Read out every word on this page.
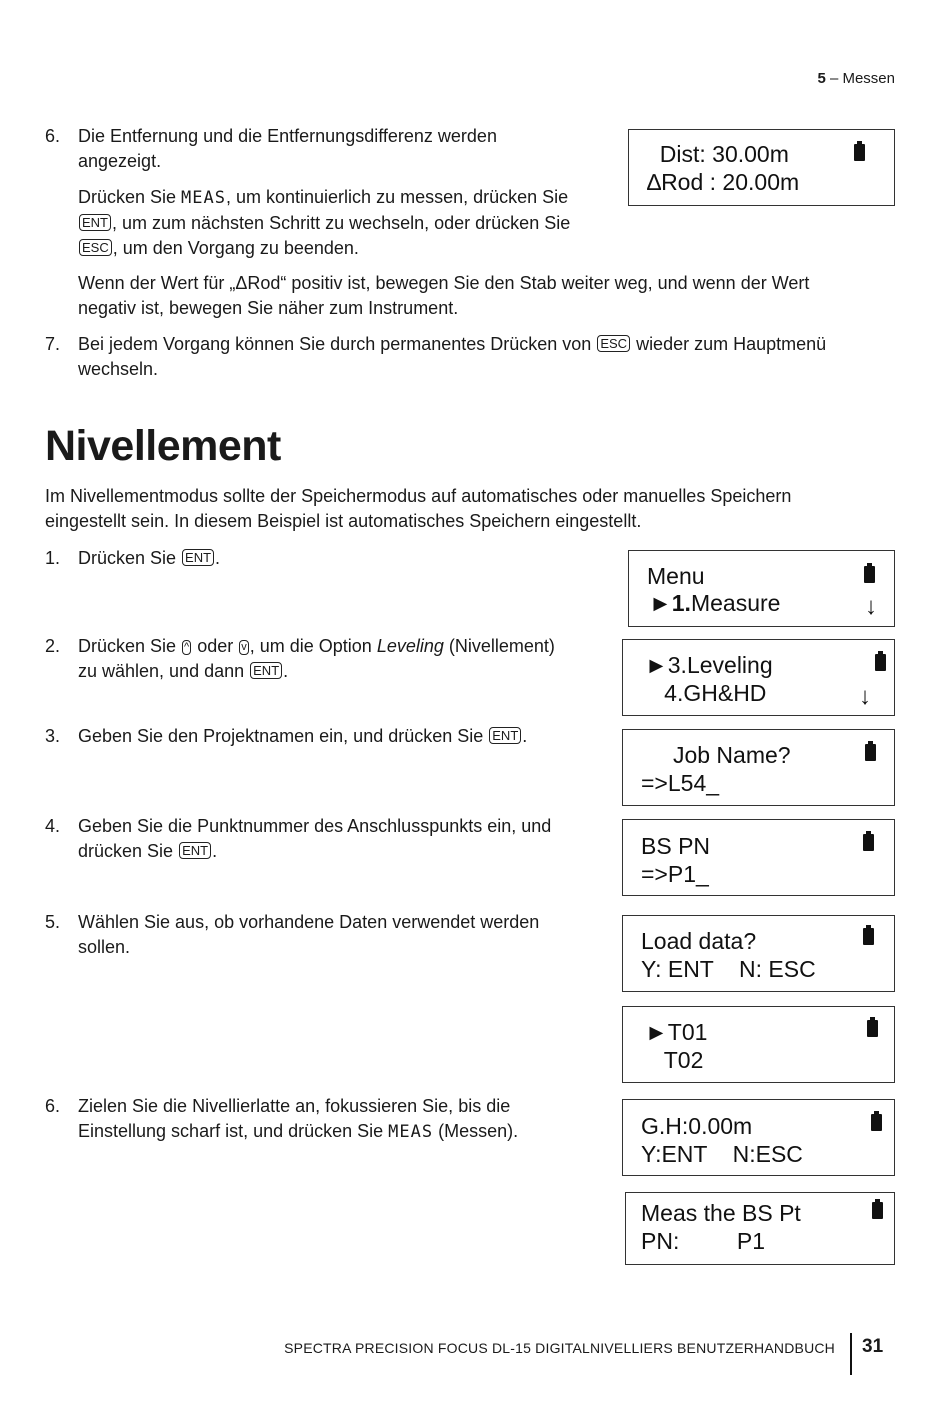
5 – Messen
6. Die Entfernung und die Entfernungsdifferenz werden

angezeigt.

Drücken Sie MEAS, um kontinuierlich zu messen, drücken Sie

ENT , um zum nächsten Schritt zu wechseln, oder drücken Sie

ESC , um den Vorgang zu beenden.

Wenn der Wert für „ΔRod“ positiv ist, bewegen Sie den Stab weiter weg, und wenn der Wert

negativ ist, bewegen Sie näher zum Instrument.

7. Bei jedem Vorgang können Sie durch permanentes Drücken von ESC wieder zum Hauptmenü

wechseln.

Nivellement

Im Nivellementmodus sollte der Speichermodus auf automatisches oder manuelles Speichern

eingestellt sein. In diesem Beispiel ist automatisches Speichern eingestellt.

1. Drücken Sie ENT .

2. Drücken Sie ^ oder v , um die Option Leveling (Nivellement)

zu wählen, und dann ENT .

3. Geben Sie den Projektnamen ein, und drücken Sie ENT .

4. Geben Sie die Punktnummer des Anschlusspunkts ein, und

drücken Sie ENT .

5. Wählen Sie aus, ob vorhandene Daten verwendet werden

sollen.

6. Zielen Sie die Nivellierlatte an, fokussieren Sie, bis die

Einstellung scharf ist, und drücken Sie MEAS (Messen).

Dist: 30.00m
∆Rod : 20.00m
Menu
►1.Measure	↓
►3.Leveling
4.GH&HD	↓
Job Name?
=>L54_
BS PN
=>P1_
Load data?
Y: ENT    N: ESC
►T01
T02
G.H:0.00m
Y:ENT    N:ESC
Meas the BS Pt
PN:         P1
SPECTRA PRECISION FOCUS DL-15 DIGITALNIVELLIERS BENUTZERHANDBUCH 31
